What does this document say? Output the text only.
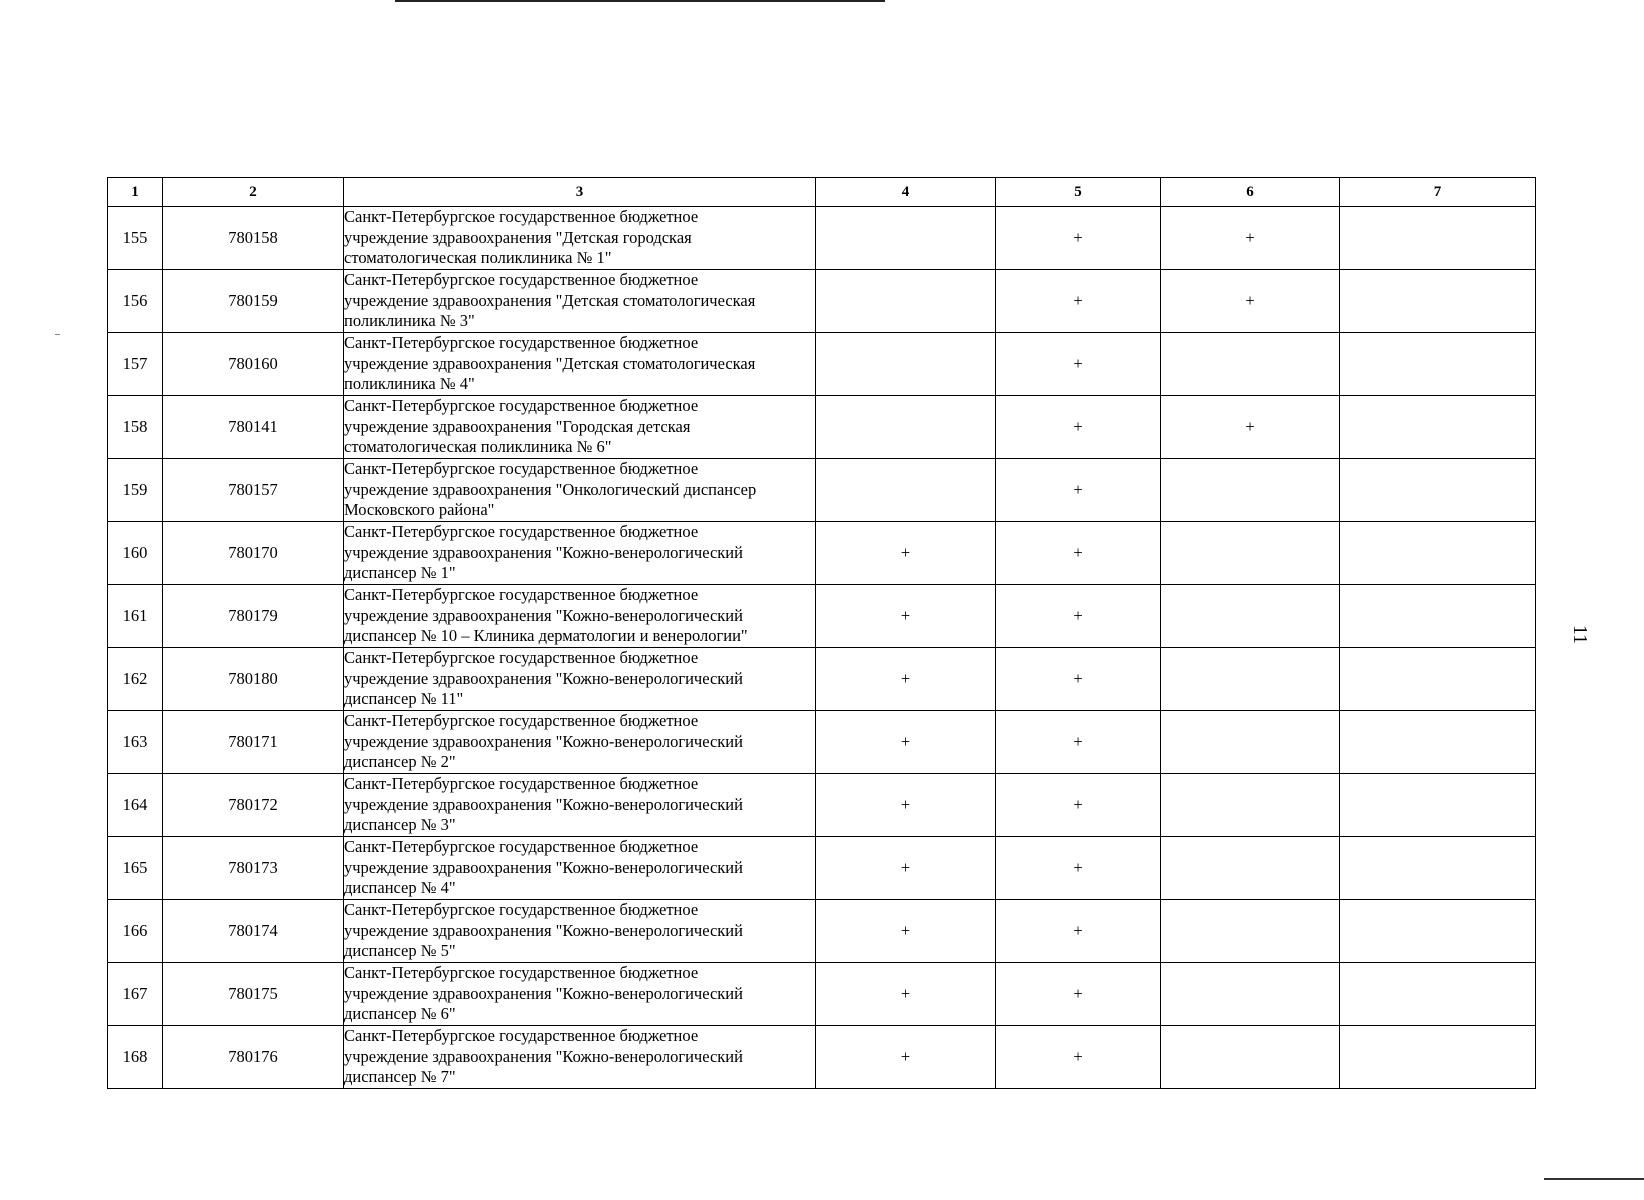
11
1	2	3	4	5	6	7
155	780158	Санкт-Петербургское государственное бюджетное
учреждение здравоохранения "Детская городская
стоматологическая поликлиника № 1"		+	+	
156	780159	Санкт-Петербургское государственное бюджетное
учреждение здравоохранения "Детская стоматологическая
поликлиника № 3"		+	+	
157	780160	Санкт-Петербургское государственное бюджетное
учреждение здравоохранения "Детская стоматологическая
поликлиника № 4"		+		
158	780141	Санкт-Петербургское государственное бюджетное
учреждение здравоохранения "Городская детская
стоматологическая поликлиника № 6"		+	+	
159	780157	Санкт-Петербургское государственное бюджетное
учреждение здравоохранения "Онкологический диспансер
Московского района"		+		
160	780170	Санкт-Петербургское государственное бюджетное
учреждение здравоохранения "Кожно-венерологический
диспансер № 1"	+	+		
161	780179	Санкт-Петербургское государственное бюджетное
учреждение здравоохранения "Кожно-венерологический
диспансер № 10 – Клиника дерматологии и венерологии"	+	+		
162	780180	Санкт-Петербургское государственное бюджетное
учреждение здравоохранения "Кожно-венерологический
диспансер № 11"	+	+		
163	780171	Санкт-Петербургское государственное бюджетное
учреждение здравоохранения "Кожно-венерологический
диспансер № 2"	+	+		
164	780172	Санкт-Петербургское государственное бюджетное
учреждение здравоохранения "Кожно-венерологический
диспансер № 3"	+	+		
165	780173	Санкт-Петербургское государственное бюджетное
учреждение здравоохранения "Кожно-венерологический
диспансер № 4"	+	+		
166	780174	Санкт-Петербургское государственное бюджетное
учреждение здравоохранения "Кожно-венерологический
диспансер № 5"	+	+		
167	780175	Санкт-Петербургское государственное бюджетное
учреждение здравоохранения "Кожно-венерологический
диспансер № 6"	+	+		
168	780176	Санкт-Петербургское государственное бюджетное
учреждение здравоохранения "Кожно-венерологический
диспансер № 7"	+	+		
